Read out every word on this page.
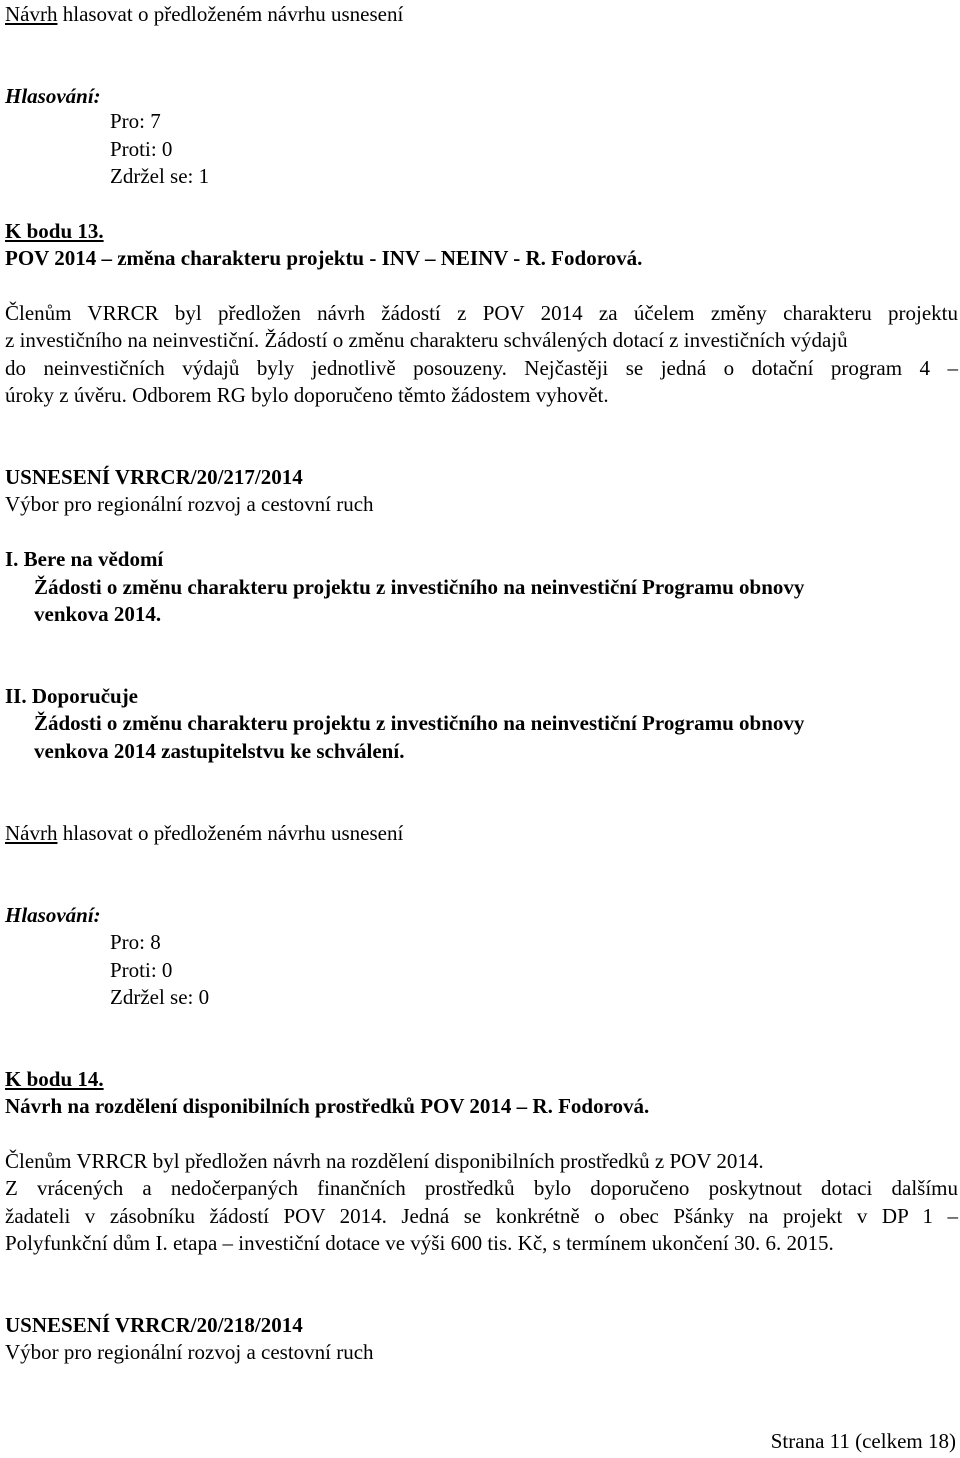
Návrh hlasovat o předloženém návrhu usnesení
Hlasování:
Pro: 7
Proti: 0
Zdržel se: 1
K bodu 13.
POV 2014 – změna charakteru projektu - INV – NEINV - R. Fodorová.
Členům VRRCR byl předložen návrh žádostí z POV 2014 za účelem změny charakteru projektu
z investičního na neinvestiční. Žádostí o změnu charakteru schválených dotací z investičních výdajů
do neinvestičních výdajů byly jednotlivě posouzeny. Nejčastěji se jedná o dotační program 4 –
úroky z úvěru. Odborem RG bylo doporučeno těmto žádostem vyhovět.
USNESENÍ VRRCR/20/217/2014
Výbor pro regionální rozvoj a cestovní ruch
I. Bere na vědomí
Žádosti o změnu charakteru projektu z investičního na neinvestiční Programu obnovy
venkova 2014.
II. Doporučuje
Žádosti o změnu charakteru projektu z investičního na neinvestiční Programu obnovy
venkova 2014 zastupitelstvu ke schválení.
Návrh hlasovat o předloženém návrhu usnesení
Hlasování:
Pro: 8
Proti: 0
Zdržel se: 0
K bodu 14.
Návrh na rozdělení disponibilních prostředků POV 2014 – R. Fodorová.
Členům VRRCR byl předložen návrh na rozdělení disponibilních prostředků z POV 2014.
Z vrácených a nedočerpaných finančních prostředků bylo doporučeno poskytnout dotaci dalšímu
žadateli v zásobníku žádostí POV 2014. Jedná se konkrétně o obec Pšánky na projekt v DP 1 –
Polyfunkční dům I. etapa – investiční dotace ve výši 600 tis. Kč, s termínem ukončení 30. 6. 2015.
USNESENÍ VRRCR/20/218/2014
Výbor pro regionální rozvoj a cestovní ruch
Strana 11 (celkem 18)
